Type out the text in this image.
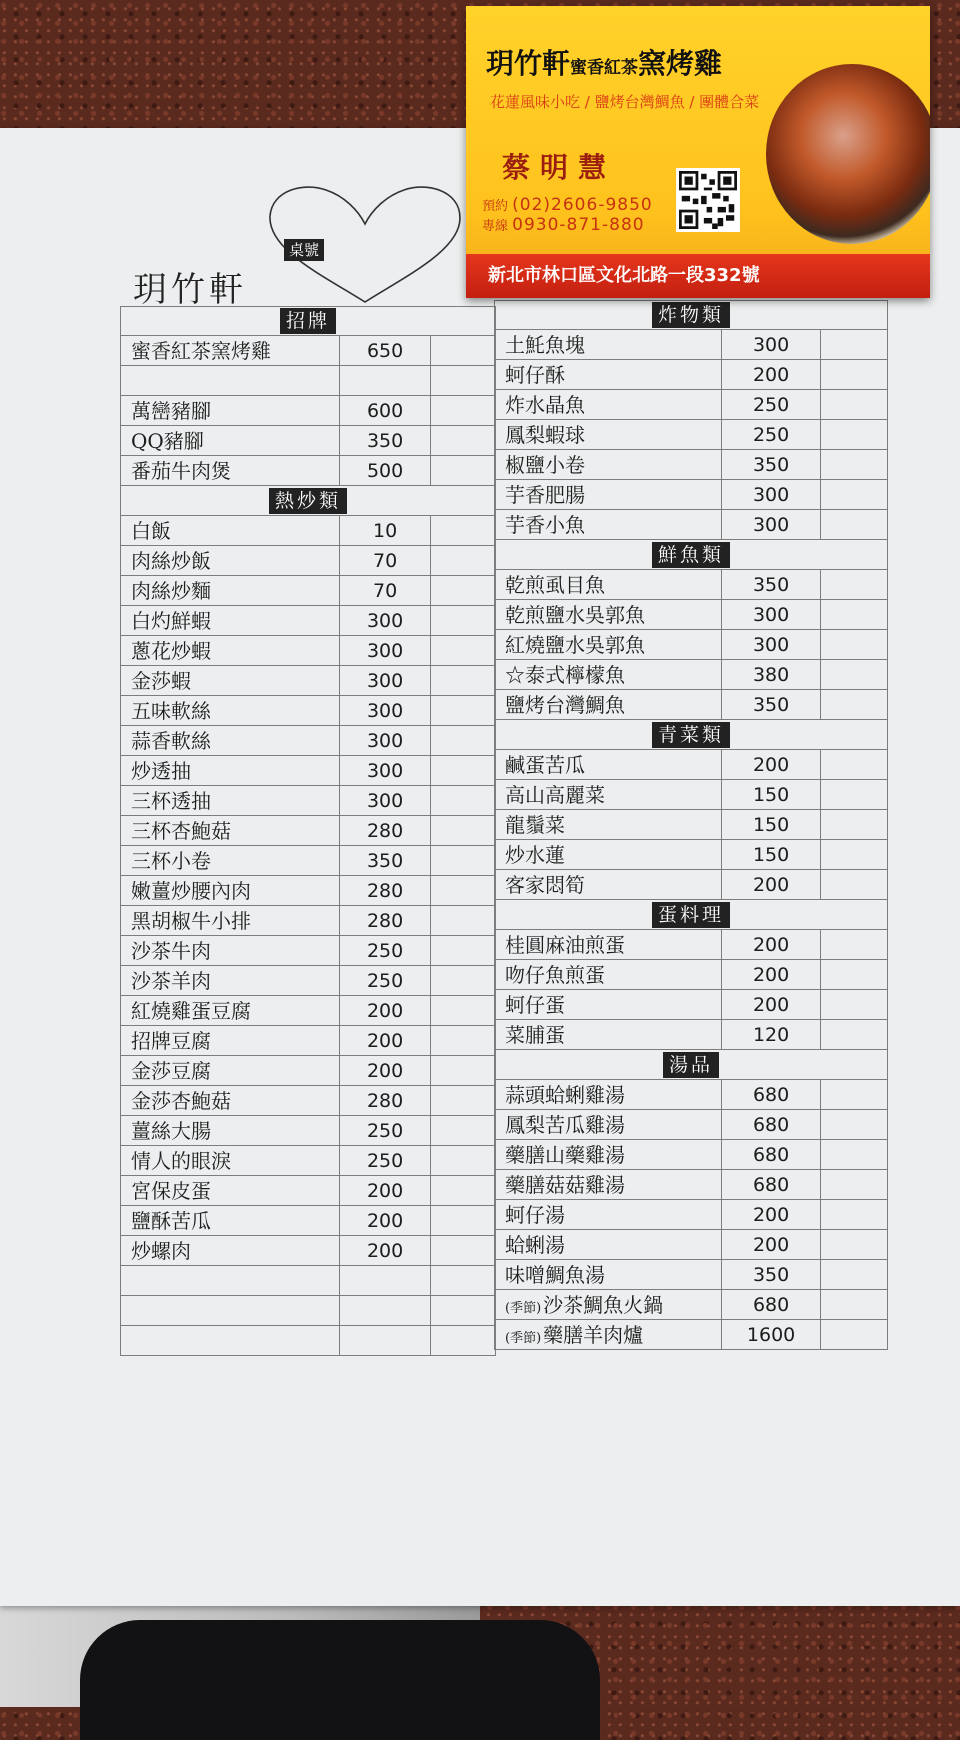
桌號
玥竹軒
招牌
蜜香紅茶窯烤雞	650
萬巒豬腳	600
QQ豬腳	350
番茄牛肉煲	500
熱炒類
白飯	10
肉絲炒飯	70
肉絲炒麵	70
白灼鮮蝦	300
蔥花炒蝦	300
金莎蝦	300
五味軟絲	300
蒜香軟絲	300
炒透抽	300
三杯透抽	300
三杯杏鮑菇	280
三杯小卷	350
嫩薑炒腰內肉	280
黑胡椒牛小排	280
沙茶牛肉	250
沙茶羊肉	250
紅燒雞蛋豆腐	200
招牌豆腐	200
金莎豆腐	200
金莎杏鮑菇	280
薑絲大腸	250
情人的眼淚	250
宮保皮蛋	200
鹽酥苦瓜	200
炒螺肉	200
炸物類
土魠魚塊	300
蚵仔酥	200
炸水晶魚	250
鳳梨蝦球	250
椒鹽小卷	350
芋香肥腸	300
芋香小魚	300
鮮魚類
乾煎虱目魚	350
乾煎鹽水吳郭魚	300
紅燒鹽水吳郭魚	300
☆泰式檸檬魚	380
鹽烤台灣鯛魚	350
青菜類
鹹蛋苦瓜	200
高山高麗菜	150
龍鬚菜	150
炒水蓮	150
客家悶筍	200
蛋料理
桂圓麻油煎蛋	200
吻仔魚煎蛋	200
蚵仔蛋	200
菜脯蛋	120
湯品
蒜頭蛤蜊雞湯	680
鳳梨苦瓜雞湯	680
藥膳山藥雞湯	680
藥膳菇菇雞湯	680
蚵仔湯	200
蛤蜊湯	200
味噌鯛魚湯	350
(季節) 沙茶鯛魚火鍋	680
(季節) 藥膳羊肉爐	1600
玥竹軒蜜香紅茶窯烤雞
花蓮風味小吃 / 鹽烤台灣鯛魚 / 團體合菜
蔡明慧
預約 (02)2606-9850
專線 0930-871-880
新北市林口區文化北路一段332號
